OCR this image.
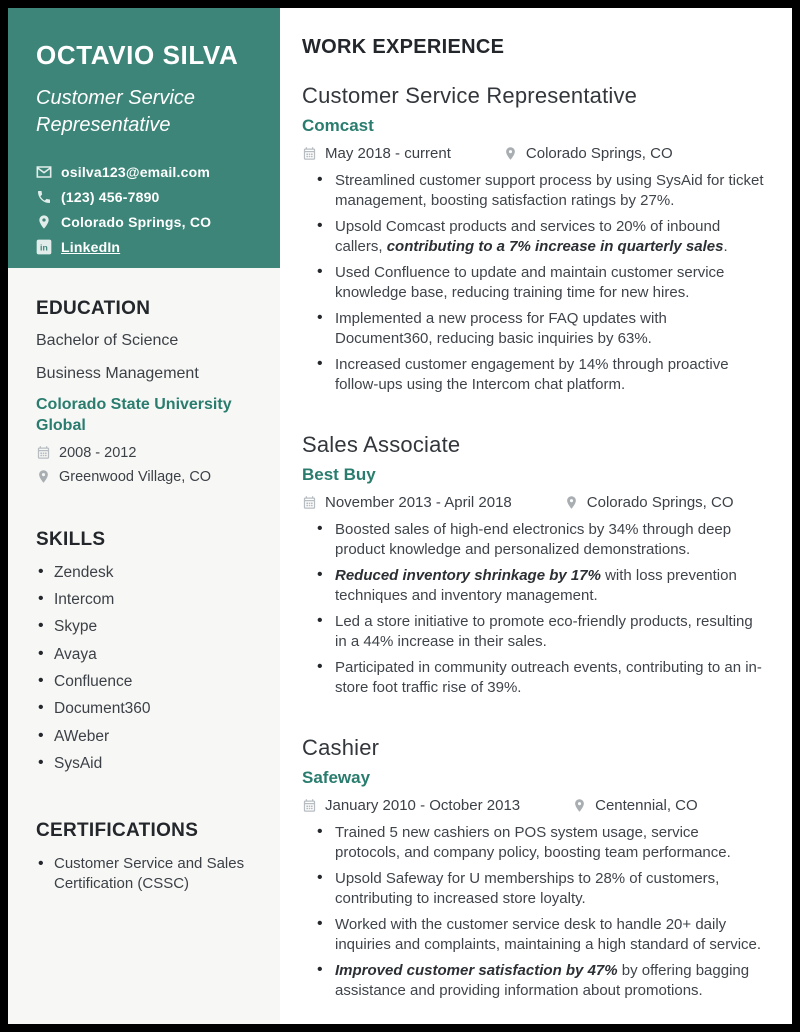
OCTAVIO SILVA
Customer Service Representative
osilva123@email.com
(123) 456-7890
Colorado Springs, CO
in LinkedIn
EDUCATION
Bachelor of Science
Business Management
Colorado State University Global
2008 - 2012
Greenwood Village, CO
SKILLS
• Zendesk
• Intercom
• Skype
• Avaya
• Confluence
• Document360
• AWeber
• SysAid
CERTIFICATIONS
• Customer Service and Sales Certification (CSSC)
WORK EXPERIENCE
Customer Service Representative
Comcast
May 2018 - current	Colorado Springs, CO
• Streamlined customer support process by using SysAid for ticket management, boosting satisfaction ratings by 27%.
• Upsold Comcast products and services to 20% of inbound callers, contributing to a 7% increase in quarterly sales.
• Used Confluence to update and maintain customer service knowledge base, reducing training time for new hires.
• Implemented a new process for FAQ updates with Document360, reducing basic inquiries by 63%.
• Increased customer engagement by 14% through proactive follow-ups using the Intercom chat platform.
Sales Associate
Best Buy
November 2013 - April 2018	Colorado Springs, CO
• Boosted sales of high-end electronics by 34% through deep product knowledge and personalized demonstrations.
• Reduced inventory shrinkage by 17% with loss prevention techniques and inventory management.
• Led a store initiative to promote eco-friendly products, resulting in a 44% increase in their sales.
• Participated in community outreach events, contributing to an in-store foot traffic rise of 39%.
Cashier
Safeway
January 2010 - October 2013	Centennial, CO
• Trained 5 new cashiers on POS system usage, service protocols, and company policy, boosting team performance.
• Upsold Safeway for U memberships to 28% of customers, contributing to increased store loyalty.
• Worked with the customer service desk to handle 20+ daily inquiries and complaints, maintaining a high standard of service.
• Improved customer satisfaction by 47% by offering bagging assistance and providing information about promotions.
